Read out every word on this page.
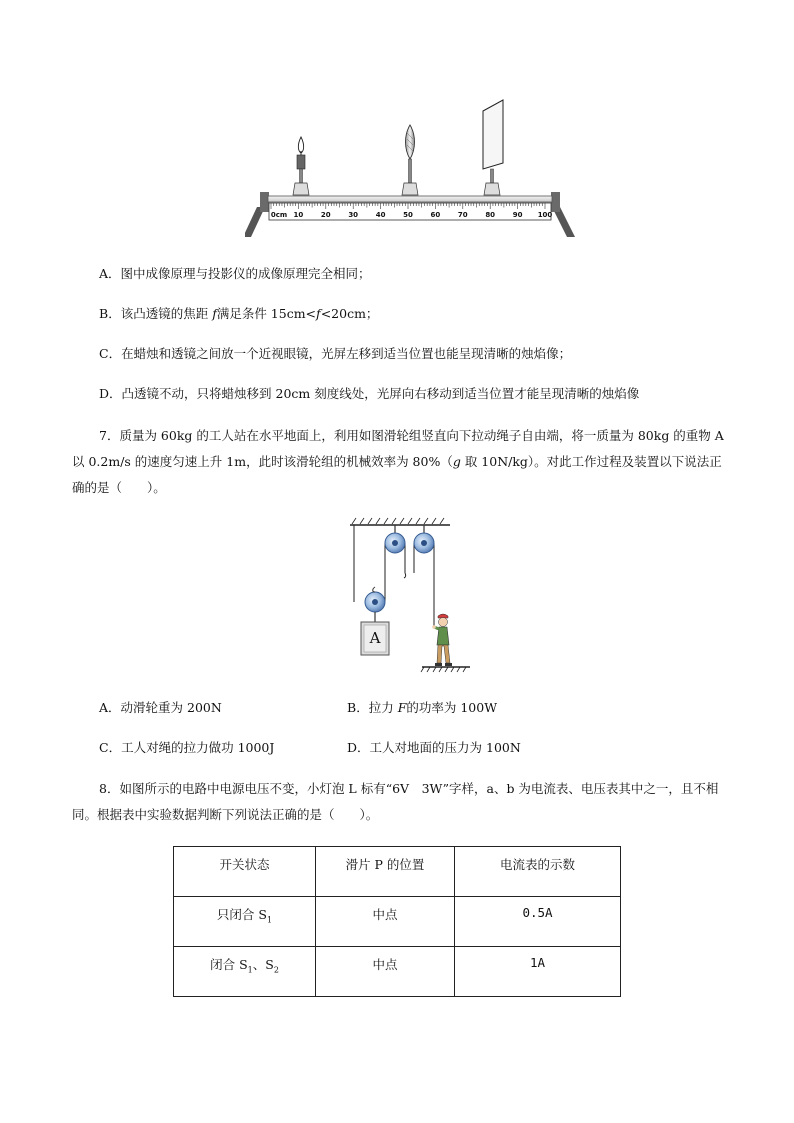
0cm 10	20	30	40	50	60	70	80	90 100
A．图中成像原理与投影仪的成像原理完全相同；
B．该凸透镜的焦距 f满足条件 15cm<f<20cm；
C．在蜡烛和透镜之间放一个近视眼镜，光屏左移到适当位置也能呈现清晰的烛焰像；
D．凸透镜不动，只将蜡烛移到 20cm 刻度线处，光屏向右移动到适当位置才能呈现清晰的烛焰像
7．质量为 60kg 的工人站在水平地面上，利用如图滑轮组竖直向下拉动绳子自由端，将一质量为 80kg 的重物 A 以 0.2m/s 的速度匀速上升 1m，此时该滑轮组的机械效率为 80%（g 取 10N/kg）。对此工作过程及装置以下说法正确的是（　　）。
A
A．动滑轮重为 200N	B．拉力 F的功率为 100W
C．工人对绳的拉力做功 1000J	D．工人对地面的压力为 100N
8．如图所示的电路中电源电压不变，小灯泡 L 标有“6V　3W”字样，a、b 为电流表、电压表其中之一，且不相同。根据表中实验数据判断下列说法正确的是（　　）。
开关状态	滑片 P 的位置	电流表的示数
只闭合 $S_1$	中点	0.5A
闭合 $S_1$、$S_2$	中点	1A
